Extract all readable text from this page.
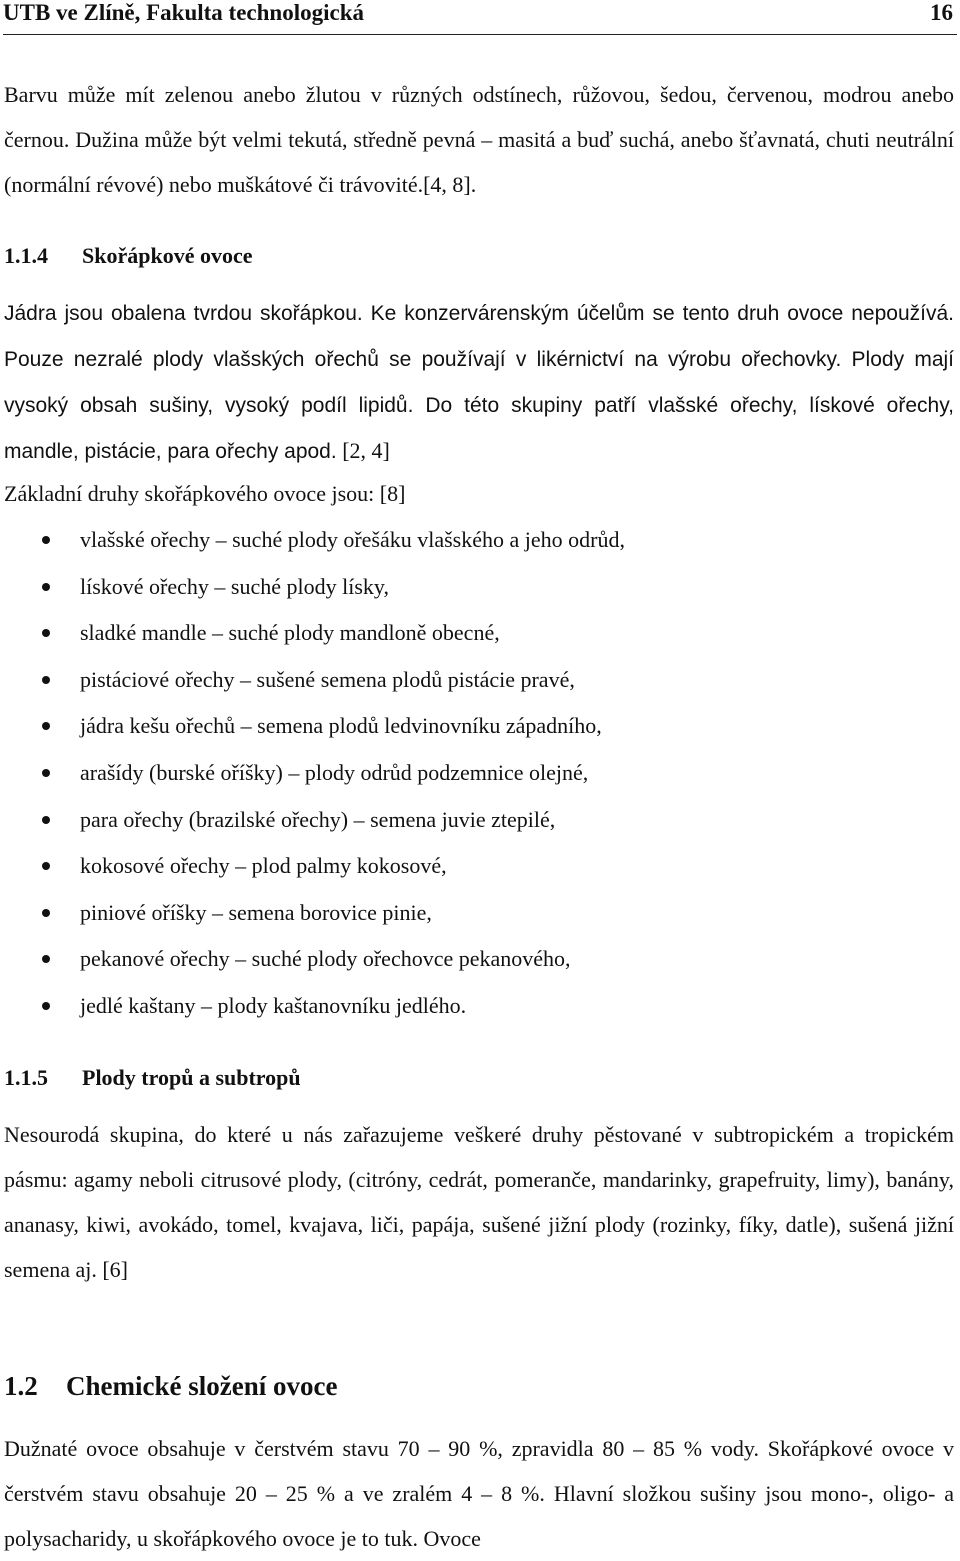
UTB ve Zlíně, Fakulta technologická	16

Barvu může mít zelenou anebo žlutou v různých odstínech, růžovou, šedou, červenou, modrou anebo černou. Dužina může být velmi tekutá, středně pevná – masitá a buď suchá, anebo šťavnatá, chuti neutrální (normální révové) nebo muškátové či trávovité.[4, 8].

1.1.4 Skořápkové ovoce

Jádra jsou obalena tvrdou skořápkou. Ke konzervárenským účelům se tento druh ovoce nepoužívá. Pouze nezralé plody vlašských ořechů se používají v likérnictví na výrobu ořechovky. Plody mají vysoký obsah sušiny, vysoký podíl lipidů. Do této skupiny patří vlašské ořechy, lískové ořechy, mandle, pistácie, para ořechy apod. [2, 4]

Základní druhy skořápkového ovoce jsou: [8]

vlašské ořechy – suché plody ořešáku vlašského a jeho odrůd,
lískové ořechy – suché plody lísky,
sladké mandle – suché plody mandloně obecné,
pistáciové ořechy – sušené semena plodů pistácie pravé,
jádra kešu ořechů – semena plodů ledvinovníku západního,
arašídy (burské oříšky) – plody odrůd podzemnice olejné,
para ořechy (brazilské ořechy) – semena juvie ztepilé,
kokosové ořechy – plod palmy kokosové,
piniové oříšky – semena borovice pinie,
pekanové ořechy – suché plody ořechovce pekanového,
jedlé kaštany – plody kaštanovníku jedlého.
1.1.5 Plody tropů a subtropů

Nesourodá skupina, do které u nás zařazujeme veškeré druhy pěstované v subtropickém a tropickém pásmu: agamy neboli citrusové plody, (citróny, cedrát, pomeranče, mandarinky, grapefruity, limy), banány, ananasy, kiwi, avokádo, tomel, kvajava, liči, papája, sušené jižní plody (rozinky, fíky, datle), sušená jižní semena aj. [6]

1.2 Chemické složení ovoce

Dužnaté ovoce obsahuje v čerstvém stavu 70 – 90 %, zpravidla 80 – 85 % vody. Skořápkové ovoce v čerstvém stavu obsahuje 20 – 25 % a ve zralém 4 – 8 %. Hlavní složkou sušiny jsou mono-, oligo- a polysacharidy, u skořápkového ovoce je to tuk. Ovoce
